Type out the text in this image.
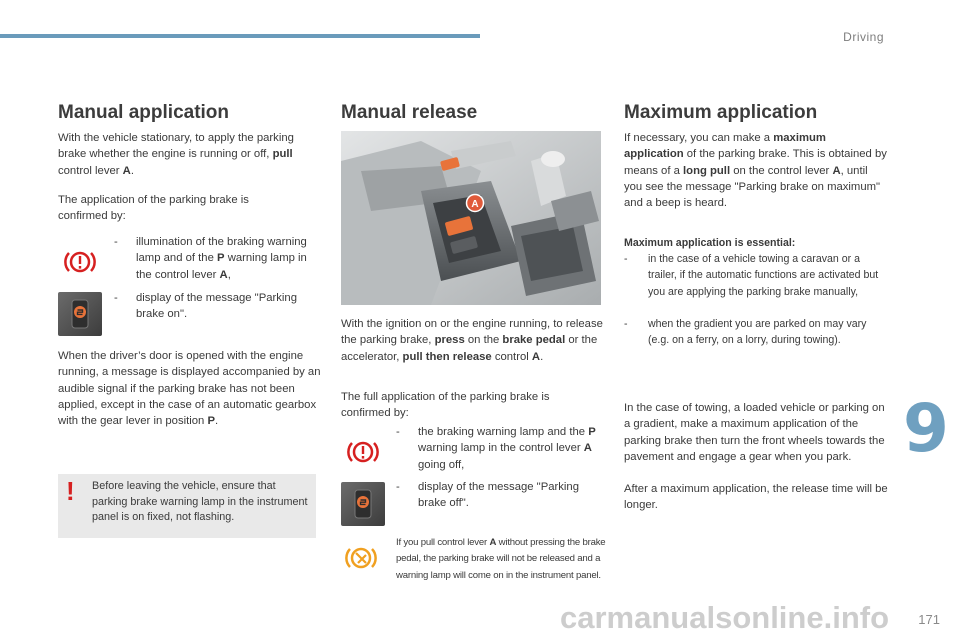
Driving
Manual application

With the vehicle stationary, to apply the parking brake whether the engine is running or off, pull control lever A.

The application of the parking brake is confirmed by:

- illumination of the braking warning lamp and of the P warning lamp in the control lever A,
- display of the message "Parking brake on".

When the driver’s door is opened with the engine running, a message is displayed accompanied by an audible signal if the parking brake has not been applied, except in the case of an automatic gearbox with the gear lever in position P.

! Before leaving the vehicle, ensure that parking brake warning lamp in the instrument panel is on fixed, not flashing.
Manual release
A

With the ignition on or the engine running, to release the parking brake, press on the brake pedal or the accelerator, pull then release control A.

The full application of the parking brake is confirmed by:

- the braking warning lamp and the P warning lamp in the control lever A going off,
- display of the message "Parking brake off".
If you pull control lever A without pressing the brake pedal, the parking brake will not be released and a warning lamp will come on in the instrument panel.
Maximum application

If necessary, you can make a maximum application of the parking brake. This is obtained by means of a long pull on the control lever A, until you see the message "Parking brake on maximum" and a beep is heard.

Maximum application is essential:

- in the case of a vehicle towing a caravan or a trailer, if the automatic functions are activated but you are applying the parking brake manually,
- when the gradient you are parked on may vary (e.g. on a ferry, on a lorry, during towing).

In the case of towing, a loaded vehicle or parking on a gradient, make a maximum application of the parking brake then turn the front wheels towards the pavement and engage a gear when you park.

After a maximum application, the release time will be longer.

9
carmanualsonline.info 171
